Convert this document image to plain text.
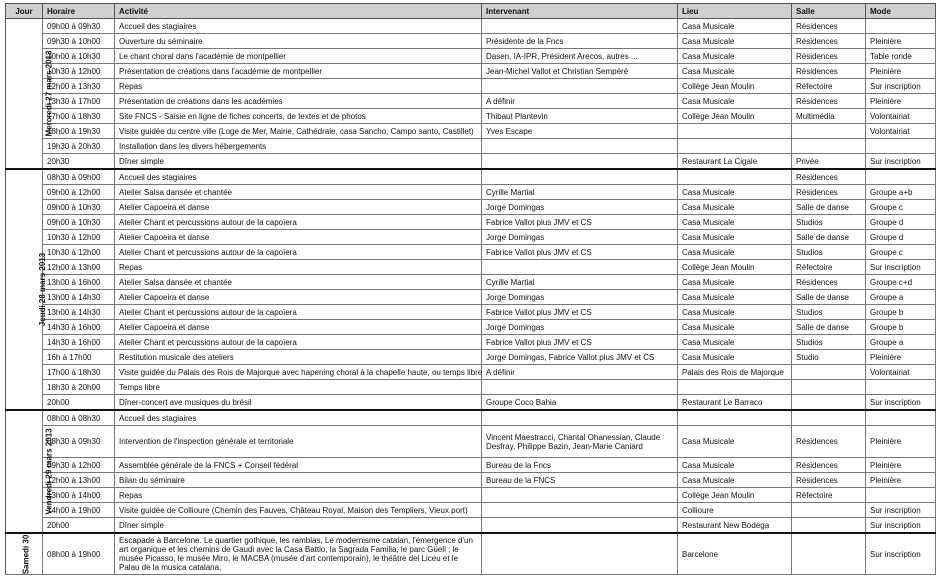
Jour	Horaire	Activité	Intervenant	Lieu	Salle	Mode
Mercredi 27 mars 2013	09h00 à 09h30	Accueil des stagiaires		Casa Musicale	Résidences	
	09h30 à 10h00	Ouverture du séminaire	Présidente de la Fncs	Casa Musicale	Résidences	Pleinière
	10h00 à 10h30	Le chant choral dans l'académie de montpellier	Dasen, IA-IPR, Président Arecos, autres ...	Casa Musicale	Résidences	Table ronde
	10h30 à 12h00	Présentation de créations dans l'académie de montpellier	Jean-Michel Vallot et Christian Sempéré	Casa Musicale	Résidences	Pleinière
	12h00 à 13h30	Repas		Collège Jean Moulin	Réfectoire	Sur inscription
	13h30 à 17h00	Présentation de créations dans les académies	A définir	Casa Musicale	Résidences	Pleinière
	17h00 à 18h30	Site FNCS - Saisie en ligne de fiches concerts, de textes et de photos	Thibaut Plantevin	Collège Jean Moulin	Multimédia	Volontairiat
	18h00 à 19h30	Visite guidée du centre ville (Loge de Mer, Mairie, Cathédrale, casa Sancho, Campo santo, Castillet)	Yves Escape			Volontairiat
	19h30 à 20h30	Installation dans les divers hébergements				
	20h30	Dîner simple		Restaurant La Cigale	Privée	Sur inscription
Jeudi 28 mars 2013	08h30 à 09h00	Accueil des stagiaires			Résidences	
	09h00 à 12h00	Atelier Salsa dansée et chantée	Cyrille Martial	Casa Musicale	Résidences	Groupe a+b
	09h00 à 10h30	Atelier Capoeira et danse	Jorge Domingas	Casa Musicale	Salle de danse	Groupe c
	09h00 à 10h30	Atelier Chant et percussions autour de la capoïera	Fabrice Vallot plus JMV et CS	Casa Musicale	Studios	Groupe d
	10h30 à 12h00	Atelier Capoeira et danse	Jorge Domingas	Casa Musicale	Salle de danse	Groupe d
	10h30 à 12h00	Atelier Chant et percussions autour de la capoïera	Fabrice Vallot plus JMV et CS	Casa Musicale	Studios	Groupe c
	12h00 à 13h00	Repas		Collège Jean Moulin	Réfectoire	Sur inscription
	13h00 à 16h00	Atelier Salsa dansée et chantée	Cyrille Martial	Casa Musicale	Résidences	Groupe c+d
	13h00 à 14h30	Atelier Capoeira et danse	Jorge Domingas	Casa Musicale	Salle de danse	Groupe a
	13h00 à 14h30	Atelier Chant et percussions autour de la capoïera	Fabrice Vallot plus JMV et CS	Casa Musicale	Studios	Groupe b
	14h30 à 16h00	Atelier Capoeira et danse	Jorge Domingas	Casa Musicale	Salle de danse	Groupe b
	14h30 à 16h00	Atelier Chant et percussions autour de la capoïera	Fabrice Vallot plus JMV et CS	Casa Musicale	Studios	Groupe a
	16h à 17h00	Restitution musicale des ateliers	Jorge Domingas, Fabrice Vallot plus JMV et CS	Casa Musicale	Studio	Pleinière
	17h00 à 18h30	Visite guidée du Palais des Rois de Majorque avec hapening choral à la chapelle haute, ou temps libre	A définir	Palais des Rois de Majorque		Volontairiat
	18h30 à 20h00	Temps libre				
	20h00	Dîner-concert ave musiques du brésil	Groupe Coco Bahia	Restaurant Le Barraco		Sur inscription
Vendredi 29 mars 2013	08h00 à 08h30	Accueil des stagiaires				
	08h30 à 09h30	Intervention de l'inspection générale et territoriale	Vincent Maestracci, Chantal Ohanessian, Claude Desfray, Philippe Bazin, Jean-Marie Caniard	Casa Musicale	Résidences	Pleinière
	09h30 à 12h00	Assemblée générale de la FNCS + Conseil fédéral	Bureau de la Fncs	Casa Musicale	Résidences	Pleinière
	12h00 à 13h00	Bilan du séminaire	Bureau de la FNCS	Casa Musicale	Résidences	Pleinière
	13h00 à 14h00	Repas		Collège Jean Moulin	Réfectoire	
	14h00 à 19h00	Visite guidée de Collioure (Chemin des Fauves, Château Royal, Maison des Templiers, Vieux port)		Collioure		Sur inscription
	20h00	Dîner simple		Restaurant New Bodega		Sur inscription
Samedi 30	08h00 à 19h00	Escapade à Barcelone. Le quartier gothique, les ramblas, Le modernisme catalan, l'émergence d'un art organique et les chemins de Gaudi avec la Casa Battlo, la Sagrada Familia, le parc Güell ; le musée Picasso, le musée Miro, le MACBA (musée d'art contemporain), le théâtre del Liceu et le Palau de la musica catalana.		Barcelone		Sur inscription
